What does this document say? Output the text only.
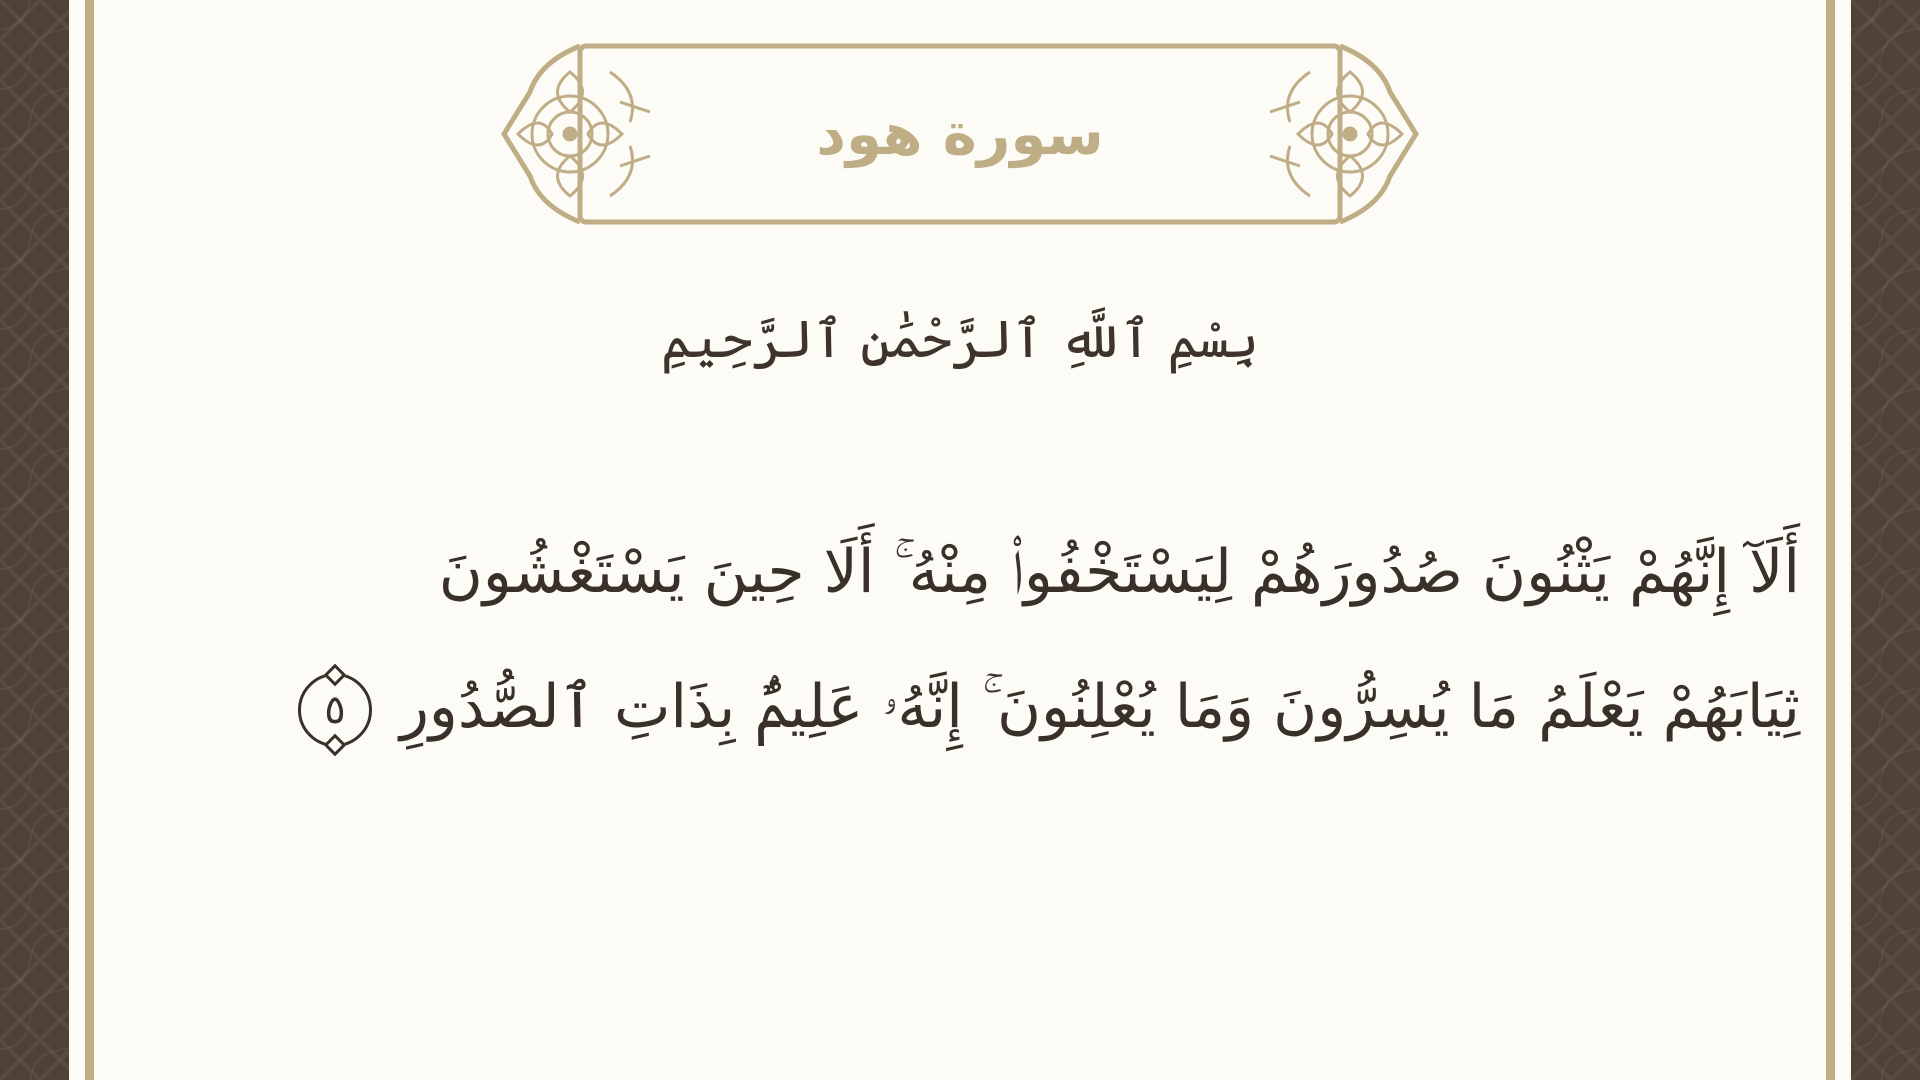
سورة هود
بِسْمِ ٱللَّهِ ٱلرَّحْمَٰنِ ٱلرَّحِيمِ
أَلَآ إِنَّهُمْ يَثْنُونَ صُدُورَهُمْ لِيَسْتَخْفُوا۟ مِنْهُ ۚ أَلَا حِينَ يَسْتَغْشُونَ
ثِيَابَهُمْ يَعْلَمُ مَا يُسِرُّونَ وَمَا يُعْلِنُونَ ۚ إِنَّهُۥ عَلِيمٌۢ بِذَاتِ ٱلصُّدُورِ٥
